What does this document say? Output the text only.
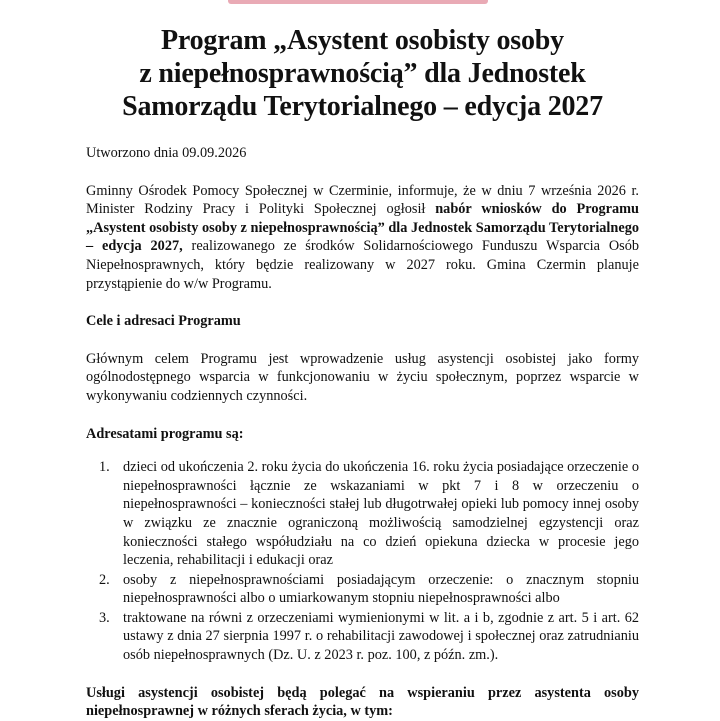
Program „Asystent osobisty osoby
z niepełnosprawnością” dla Jednostek
Samorządu Terytorialnego – edycja 2027

Utworzono dnia 09.09.2026

Gminny Ośrodek Pomocy Społecznej w Czerminie, informuje, że w dniu 7 września 2026 r. Minister Rodziny Pracy i Polityki Społecznej ogłosił nabór wniosków do Programu „Asystent osobisty osoby z niepełnosprawnością” dla Jednostek Samorządu Terytorialnego – edycja 2027, realizowanego ze środków Solidarnościowego Funduszu Wsparcia Osób Niepełnosprawnych, który będzie realizowany w 2027 roku. Gmina Czermin planuje przystąpienie do w/w Programu.

Cele i adresaci Programu

Głównym celem Programu jest wprowadzenie usług asystencji osobistej jako formy ogólnodostępnego wsparcia w funkcjonowaniu w życiu społecznym, poprzez wsparcie w wykonywaniu codziennych czynności.

Adresatami programu są:

1. dzieci od ukończenia 2. roku życia do ukończenia 16. roku życia posiadające orzeczenie o niepełnosprawności łącznie ze wskazaniami w pkt 7 i 8 w orzeczeniu o niepełnosprawności – konieczności stałej lub długotrwałej opieki lub pomocy innej osoby w związku ze znacznie ograniczoną możliwością samodzielnej egzystencji oraz konieczności stałego współudziału na co dzień opiekuna dziecka w procesie jego leczenia, rehabilitacji i edukacji oraz
2. osoby z niepełnosprawnościami posiadającym orzeczenie: o znacznym stopniu niepełnosprawności albo o umiarkowanym stopniu niepełnosprawności albo
3. traktowane na równi z orzeczeniami wymienionymi w lit. a i b, zgodnie z art. 5 i art. 62 ustawy z dnia 27 sierpnia 1997 r. o rehabilitacji zawodowej i społecznej oraz zatrudnianiu osób niepełnosprawnych (Dz. U. z 2023 r. poz. 100, z późn. zm.).

Usługi asystencji osobistej będą polegać na wspieraniu przez asystenta osoby niepełnosprawnej w różnych sferach życia, w tym:
